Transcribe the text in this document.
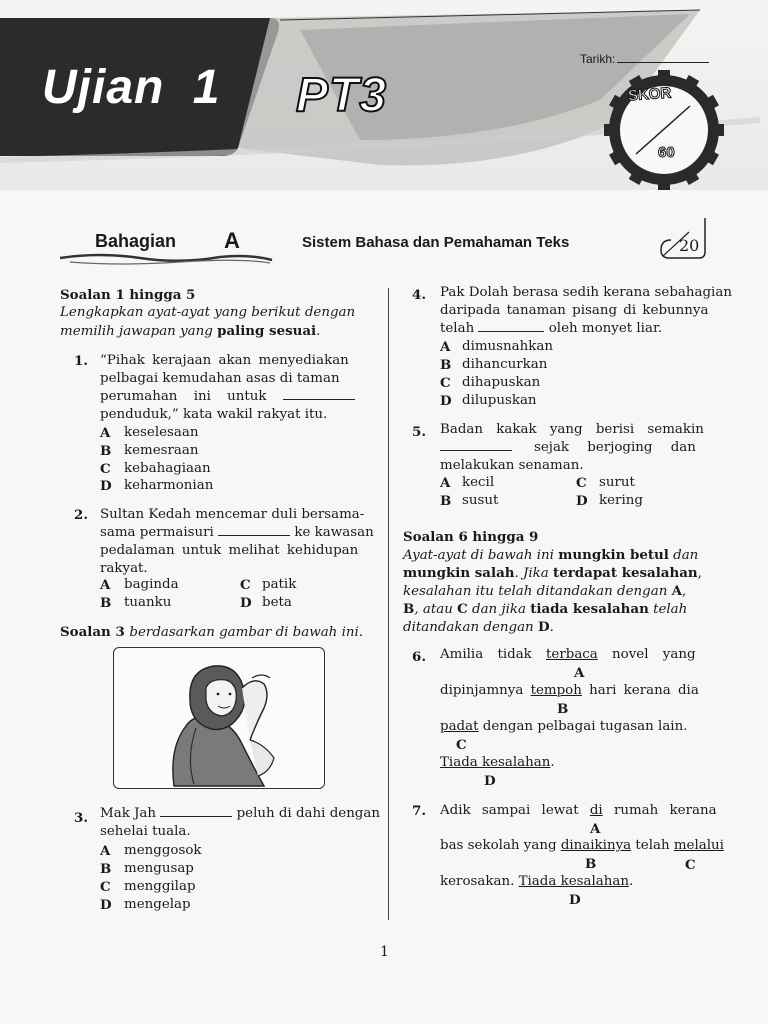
Tarikh:
Ujian 1 PT3	SKOR
60
Bahagian A	Sistem Bahasa dan Pemahaman Teks	20
Soalan 1 hingga 5
Lengkapkan ayat-ayat yang berikut dengan
memilih jawapan yang paling sesuai.
1. “Pihak kerajaan akan menyediakan
pelbagai kemudahan asas di taman
perumahan ini untuk
penduduk,” kata wakil rakyat itu.
A keselesaan
B kemesraan
C kebahagiaan
D keharmonian
2. Sultan Kedah mencemar duli bersama-
sama permaisuri	ke kawasan
pedalaman untuk melihat kehidupan
rakyat.
A baginda
B tuanku
C patik
D beta
Soalan 3 berdasarkan gambar di bawah ini.
3. Mak Jah	peluh di dahi dengan
sehelai tuala.
A menggosok
B mengusap
C menggilap
D mengelap
4. Pak Dolah berasa sedih kerana sebahagian
daripada tanaman pisang di kebunnya
telah	oleh monyet liar.
A dimusnahkan
B dihancurkan
C dihapuskan
D dilupuskan
5. Badan kakak yang berisi semakin
sejak berjoging dan
melakukan senaman.
A kecil
B susut
C surut
D kering
Soalan 6 hingga 9
Ayat-ayat di bawah ini mungkin betul dan
mungkin salah. Jika terdapat kesalahan,
kesalahan itu telah ditandakan dengan A,
B, atau C dan jika tiada kesalahan telah
ditandakan dengan D.
6. Amilia tidak terbaca novel yang
A
dipinjamnya tempoh hari kerana dia
B
padat dengan pelbagai tugasan lain.
C
Tiada kesalahan.
D
7. Adik sampai lewat di rumah kerana
A
bas sekolah yang dinaikinya telah melalui
B	C
kerosakan. Tiada kesalahan.
D
1
